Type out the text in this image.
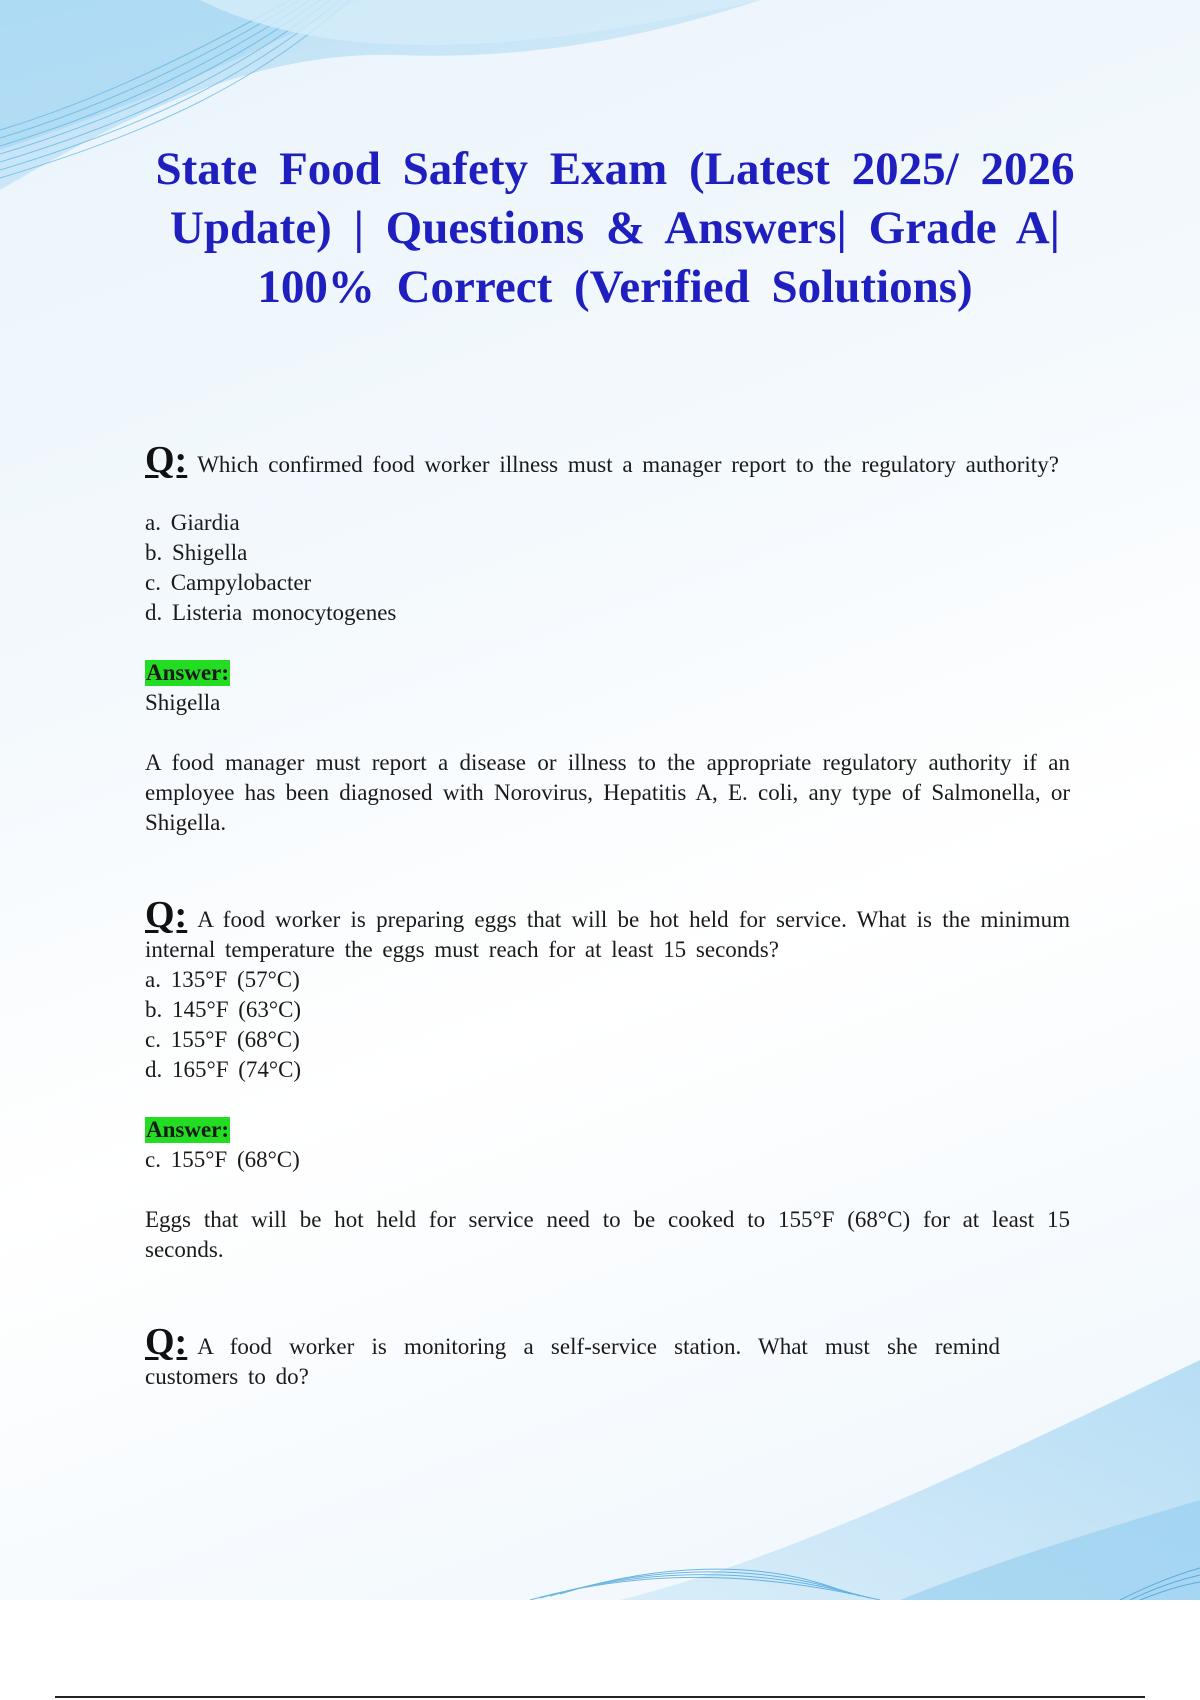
State Food Safety Exam (Latest 2025/ 2026 Update) | Questions & Answers| Grade A| 100% Correct (Verified Solutions)

Q: Which confirmed food worker illness must a manager report to the regulatory authority?

a. Giardia
b. Shigella
c. Campylobacter
d. Listeria monocytogenes
Answer:

Shigella

A food manager must report a disease or illness to the appropriate regulatory authority if an employee has been diagnosed with Norovirus, Hepatitis A, E. coli, any type of Salmonella, or Shigella.

Q: A food worker is preparing eggs that will be hot held for service. What is the minimum internal temperature the eggs must reach for at least 15 seconds?

a. 135°F (57°C)
b. 145°F (63°C)
c. 155°F (68°C)
d. 165°F (74°C)
Answer:

c. 155°F (68°C)

Eggs that will be hot held for service need to be cooked to 155°F (68°C) for at least 15 seconds.

Q: A food worker is monitoring a self-service station. What must she remind customers to do?
